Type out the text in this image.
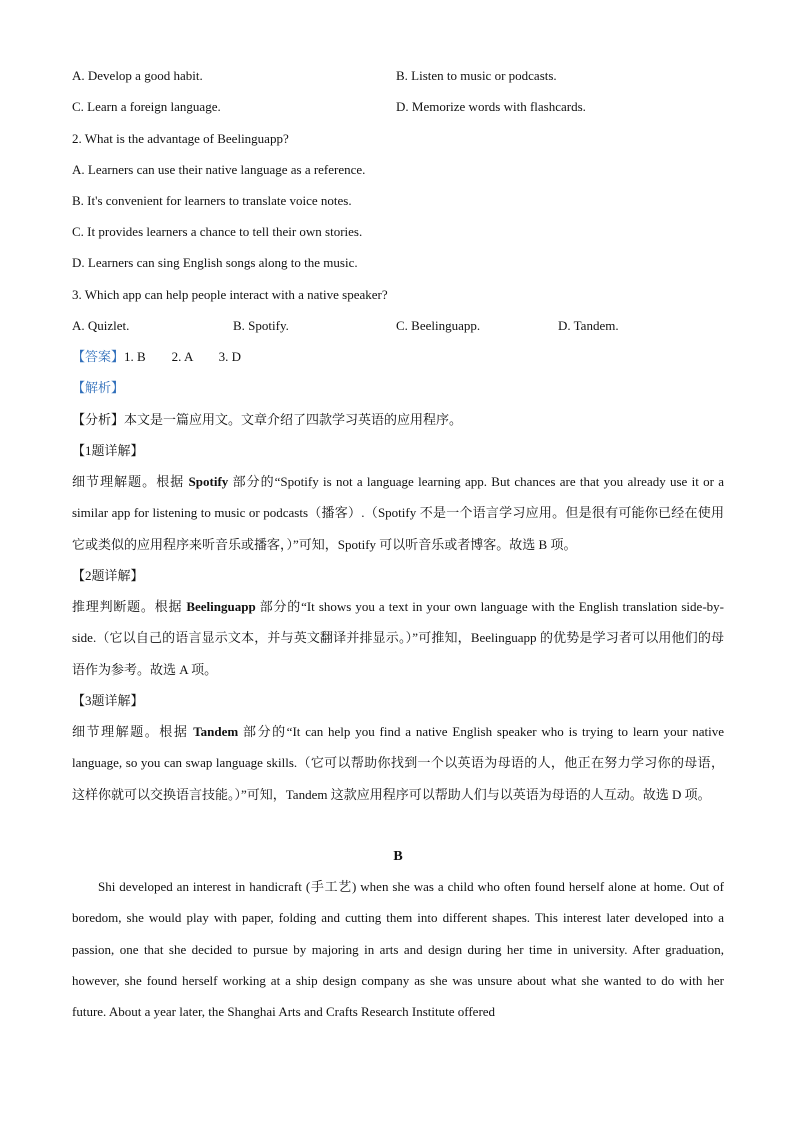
A. Develop a good habit.	B. Listen to music or podcasts.
C. Learn a foreign language.	D. Memorize words with flashcards.
2. What is the advantage of Beelinguapp?
A. Learners can use their native language as a reference.
B. It's convenient for learners to translate voice notes.
C. It provides learners a chance to tell their own stories.
D. Learners can sing English songs along to the music.
3. Which app can help people interact with a native speaker?
A. Quizlet.	B. Spotify.	C. Beelinguapp.	D. Tandem.
【答案】1. B        2. A        3. D
【解析】
【分析】本文是一篇应用文。文章介绍了四款学习英语的应用程序。
【1题详解】
细节理解题。根据 Spotify 部分的“Spotify is not a language learning app. But chances are that you already use it or a similar app for listening to music or podcasts（播客）.（Spotify 不是一个语言学习应用。但是很有可能你已经在使用它或类似的应用程序来听音乐或播客，）”可知，Spotify 可以听音乐或者博客。故选 B 项。
【2题详解】
推理判断题。根据 Beelinguapp 部分的“It shows you a text in your own language with the English translation side-by-side.（它以自己的语言显示文本，并与英文翻译并排显示。）”可推知，Beelinguapp 的优势是学习者可以用他们的母语作为参考。故选 A 项。
【3题详解】
细节理解题。根据 Tandem 部分的“It can help you find a native English speaker who is trying to learn your native language, so you can swap language skills.（它可以帮助你找到一个以英语为母语的人，他正在努力学习你的母语，这样你就可以交换语言技能。）”可知，Tandem 这款应用程序可以帮助人们与以英语为母语的人互动。故选 D 项。
B
Shi developed an interest in handicraft (手工艺) when she was a child who often found herself alone at home. Out of boredom, she would play with paper, folding and cutting them into different shapes. This interest later developed into a passion, one that she decided to pursue by majoring in arts and design during her time in university. After graduation, however, she found herself working at a ship design company as she was unsure about what she wanted to do with her future. About a year later, the Shanghai Arts and Crafts Research Institute offered
